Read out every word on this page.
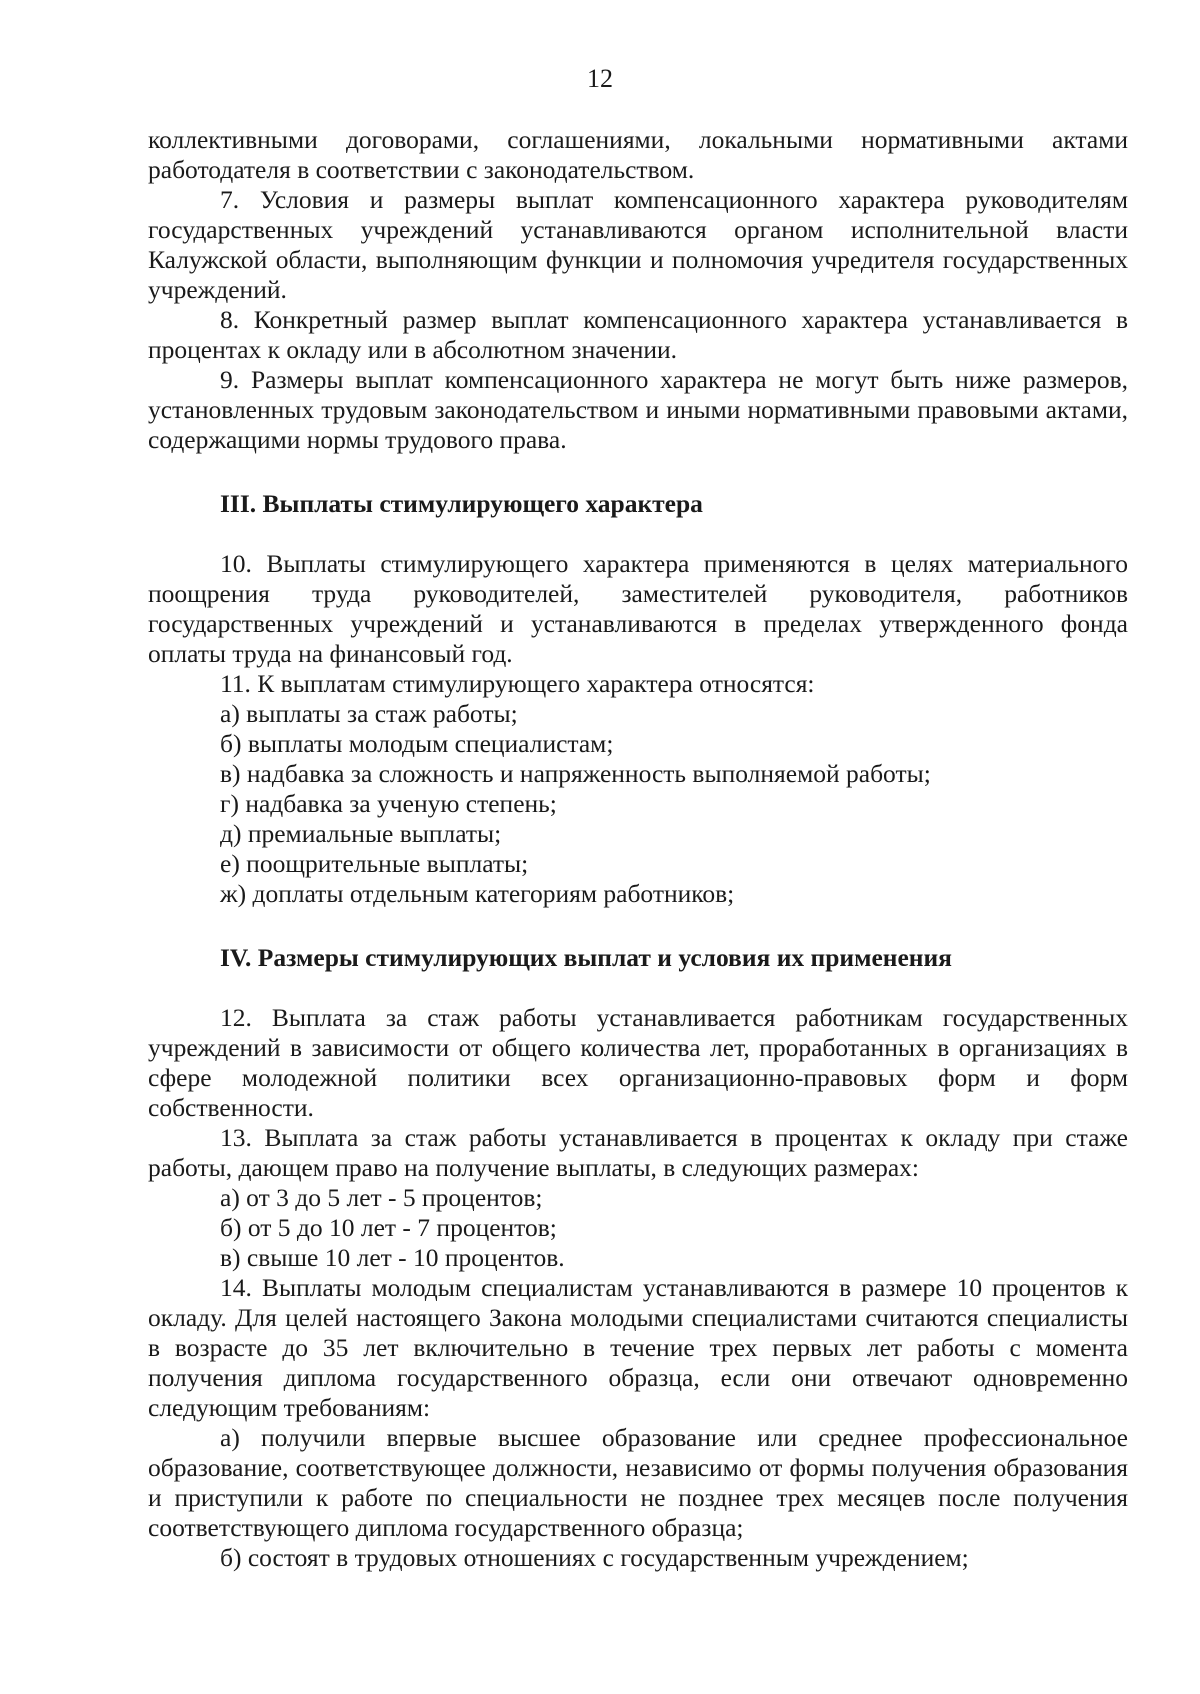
12

коллективными договорами, соглашениями, локальными нормативными актами работодателя в соответствии с законодательством.

7. Условия и размеры выплат компенсационного характера руководителям государственных учреждений устанавливаются органом исполнительной власти Калужской области, выполняющим функции и полномочия учредителя государственных учреждений.

8. Конкретный размер выплат компенсационного характера устанавливается в процентах к окладу или в абсолютном значении.

9. Размеры выплат компенсационного характера не могут быть ниже размеров, установленных трудовым законодательством и иными нормативными правовыми актами, содержащими нормы трудового права.

III. Выплаты стимулирующего характера

10. Выплаты стимулирующего характера применяются в целях материального поощрения труда руководителей, заместителей руководителя, работников государственных учреждений и устанавливаются в пределах утвержденного фонда оплаты труда на финансовый год.

11. К выплатам стимулирующего характера относятся:

а) выплаты за стаж работы;

б) выплаты молодым специалистам;

в) надбавка за сложность и напряженность выполняемой работы;

г) надбавка за ученую степень;

д) премиальные выплаты;

е) поощрительные выплаты;

ж) доплаты отдельным категориям работников;

IV. Размеры стимулирующих выплат и условия их применения

12. Выплата за стаж работы устанавливается работникам государственных учреждений в зависимости от общего количества лет, проработанных в организациях в сфере молодежной политики всех организационно-правовых форм и форм собственности.

13. Выплата за стаж работы устанавливается в процентах к окладу при стаже работы, дающем право на получение выплаты, в следующих размерах:

а) от 3 до 5 лет - 5 процентов;

б) от 5 до 10 лет - 7 процентов;

в) свыше 10 лет - 10 процентов.

14. Выплаты молодым специалистам устанавливаются в размере 10 процентов к окладу. Для целей настоящего Закона молодыми специалистами считаются специалисты в возрасте до 35 лет включительно в течение трех первых лет работы с момента получения диплома государственного образца, если они отвечают одновременно следующим требованиям:

а) получили впервые высшее образование или среднее профессиональное образование, соответствующее должности, независимо от формы получения образования и приступили к работе по специальности не позднее трех месяцев после получения соответствующего диплома государственного образца;

б) состоят в трудовых отношениях с государственным учреждением;
